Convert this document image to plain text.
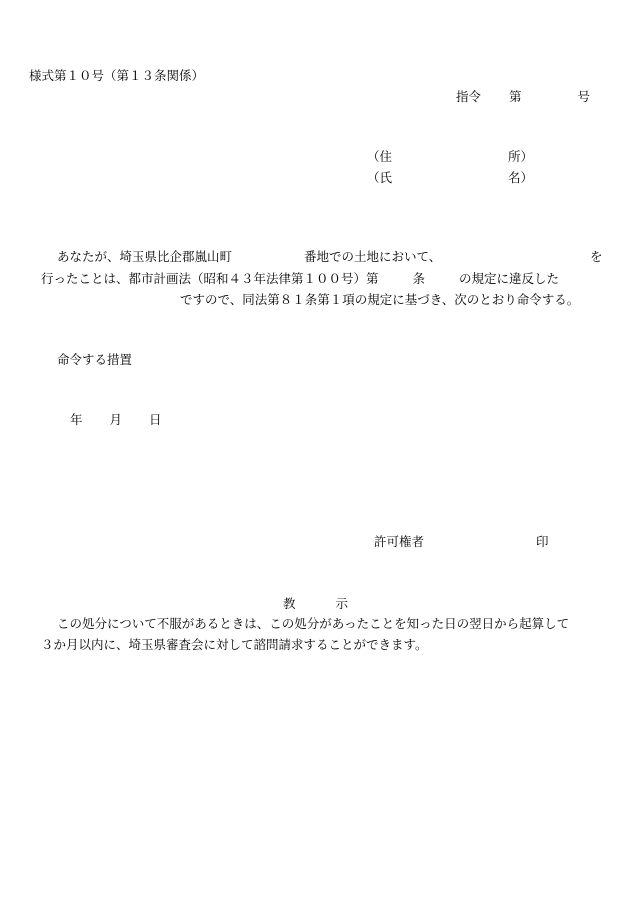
様式第１０号（第１３条関係）
指令 第	号
（住	所）
（氏	名）
あなたが、埼玉県比企郡嵐山町	番地での土地において、	を
行ったことは、都市計画法（昭和４３年法律第１００号）第	条	の規定に違反した
ですので、同法第８１条第１項の規定に基づき、次のとおり命令する。
命令する措置
年 月 日
許可権者	印
教	示
この処分について不服があるときは、この処分があったことを知った日の翌日から起算して
３か月以内に、埼玉県審査会に対して諮問請求することができます。
